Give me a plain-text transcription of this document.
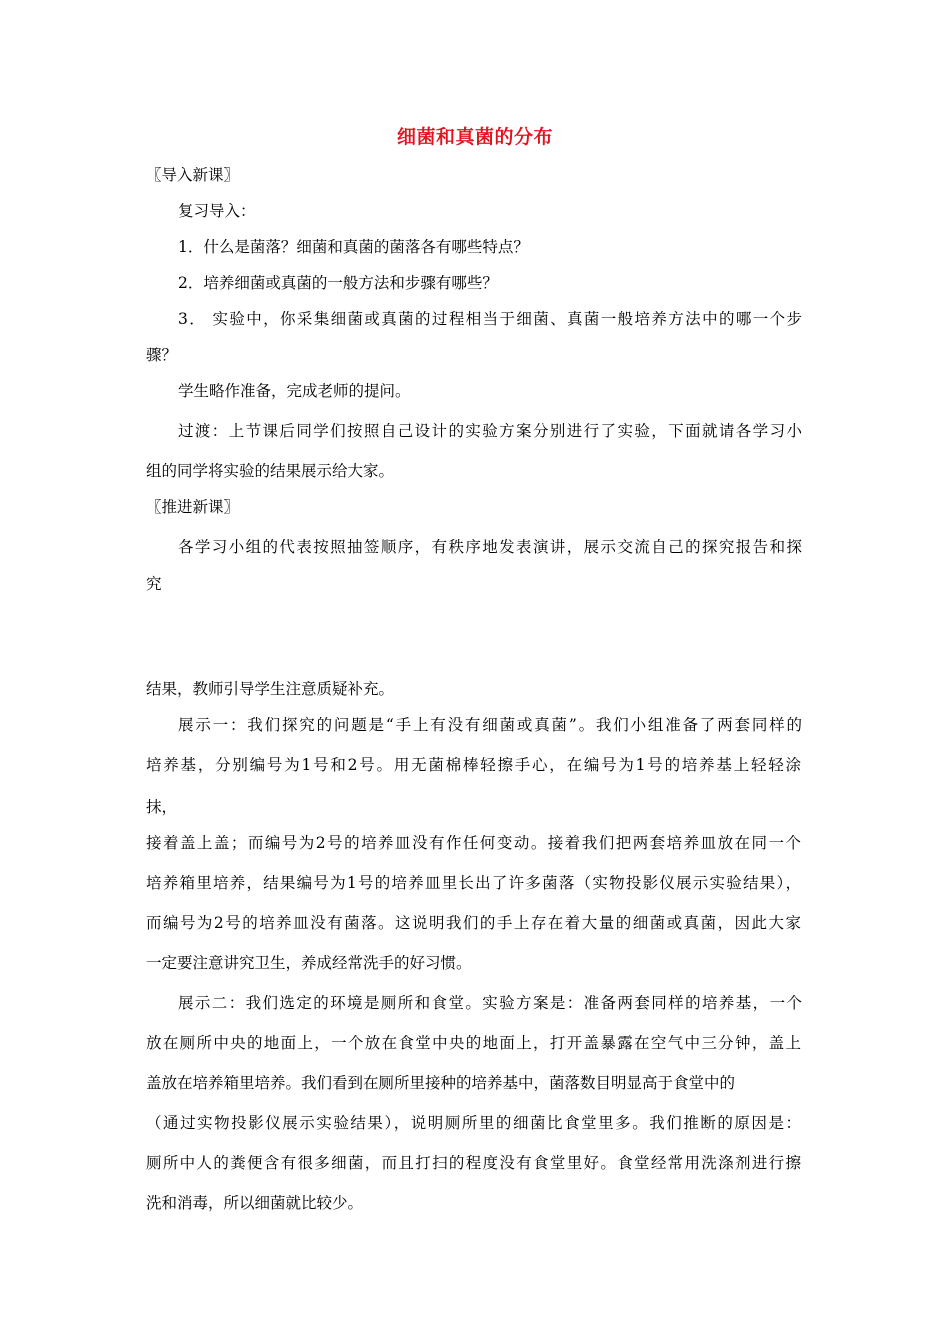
细菌和真菌的分布
〖导入新课〗
复习导入：
1．什么是菌落？细菌和真菌的菌落各有哪些特点？
2．培养细菌或真菌的一般方法和步骤有哪些？
3． 实验中，你采集细菌或真菌的过程相当于细菌、真菌一般培养方法中的哪一个步
骤？
学生略作准备，完成老师的提问。
过渡：上节课后同学们按照自己设计的实验方案分别进行了实验，下面就请各学习小
组的同学将实验的结果展示给大家。
〖推进新课〗
各学习小组的代表按照抽签顺序，有秩序地发表演讲，展示交流自己的探究报告和探
究
结果，教师引导学生注意质疑补充。
展示一：我们探究的问题是“手上有没有细菌或真菌”。我们小组准备了两套同样的
培养基，分别编号为1号和2号。用无菌棉棒轻擦手心，在编号为1号的培养基上轻轻涂
抹，
接着盖上盖；而编号为2号的培养皿没有作任何变动。接着我们把两套培养皿放在同一个
培养箱里培养，结果编号为1号的培养皿里长出了许多菌落（实物投影仪展示实验结果），
而编号为2号的培养皿没有菌落。这说明我们的手上存在着大量的细菌或真菌，因此大家
一定要注意讲究卫生，养成经常洗手的好习惯。
展示二：我们选定的环境是厕所和食堂。实验方案是：准备两套同样的培养基，一个
放在厕所中央的地面上，一个放在食堂中央的地面上，打开盖暴露在空气中三分钟，盖上
盖放在培养箱里培养。我们看到在厕所里接种的培养基中，菌落数目明显高于食堂中的
（通过实物投影仪展示实验结果），说明厕所里的细菌比食堂里多。我们推断的原因是：
厕所中人的粪便含有很多细菌，而且打扫的程度没有食堂里好。食堂经常用洗涤剂进行擦
洗和消毒，所以细菌就比较少。
